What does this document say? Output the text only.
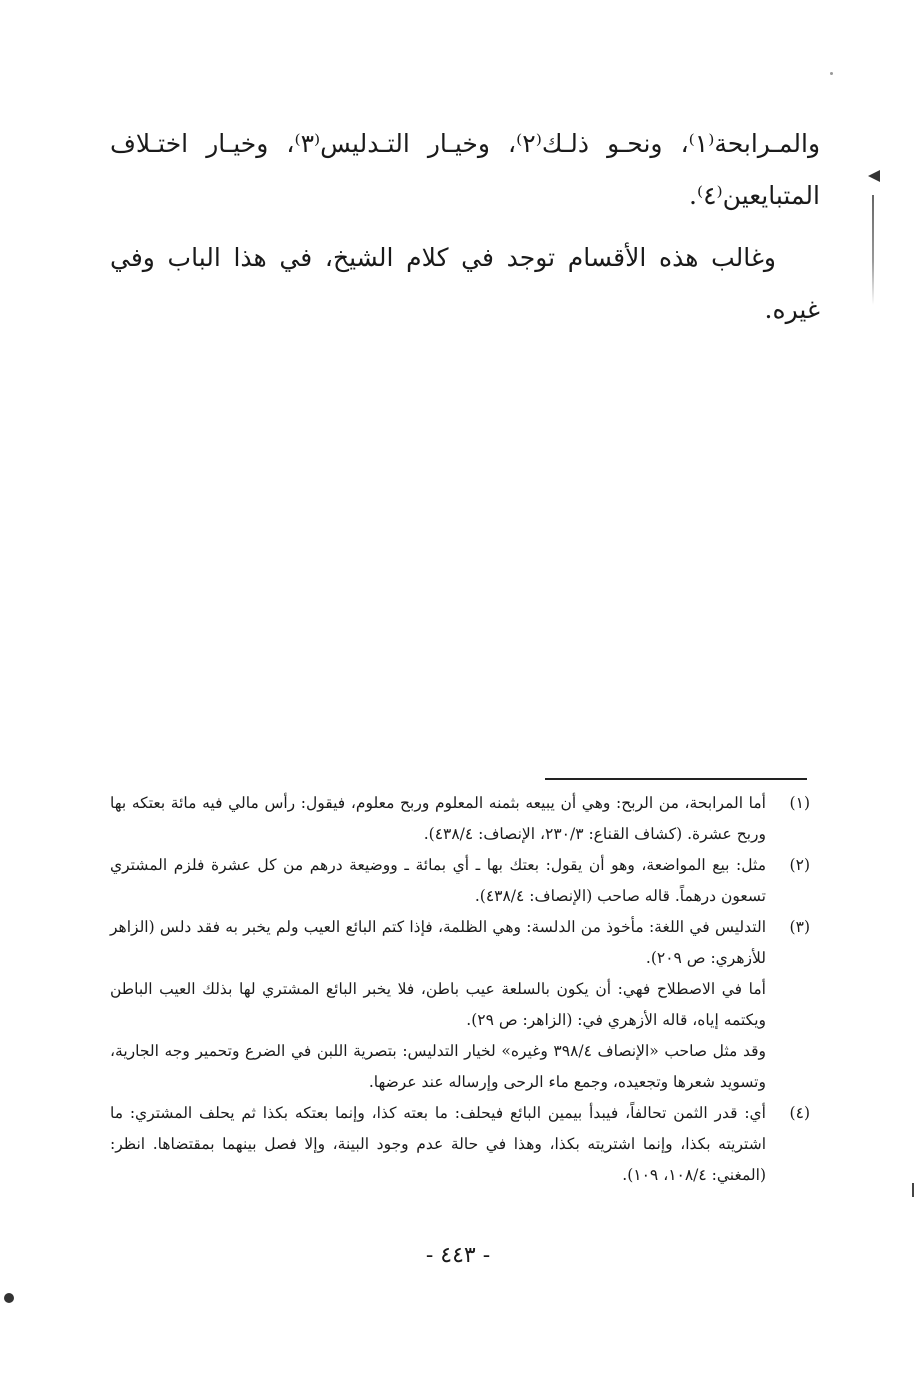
والمـرابحة⁽١⁾، ونحـو ذلـك⁽٢⁾، وخيـار التـدليس⁽٣⁾، وخيـار اختـلاف المتبايعين⁽٤⁾.

وغالب هذه الأقسام توجد في كلام الشيخ، في هذا الباب وفي غيره.

(١)

أما المرابحة، من الربح: وهي أن يبيعه بثمنه المعلوم وربح معلوم، فيقول: رأس مالي فيه مائة بعتكه بها وربح عشرة. (كشاف القناع: ٢٣٠/٣، الإنصاف: ٤٣٨/٤).

(٢)

مثل: بيع المواضعة، وهو أن يقول: بعتك بها ـ أي بمائة ـ ووضيعة درهم من كل عشرة فلزم المشتري تسعون درهماً. قاله صاحب (الإنصاف: ٤٣٨/٤).

(٣)

التدليس في اللغة: مأخوذ من الدلسة: وهي الظلمة، فإذا كتم البائع العيب ولم يخبر به فقد دلس (الزاهر للأزهري: ص ٢٠٩).

أما في الاصطلاح فهي: أن يكون بالسلعة عيب باطن، فلا يخبر البائع المشتري لها بذلك العيب الباطن ويكتمه إياه، قاله الأزهري في: (الزاهر: ص ٢٩).

وقد مثل صاحب «الإنصاف ٣٩٨/٤ وغيره» لخيار التدليس: بتصرية اللبن في الضرع وتحمير وجه الجارية، وتسويد شعرها وتجعيده، وجمع ماء الرحى وإرساله عند عرضها.

(٤)

أي: قدر الثمن تحالفاً، فيبدأ بيمين البائع فيحلف: ما بعته كذا، وإنما بعتكه بكذا ثم يحلف المشتري: ما اشتريته بكذا، وإنما اشتريته بكذا، وهذا في حالة عدم وجود البينة، وإلا فصل بينهما بمقتضاها. انظر: (المغني: ١٠٨/٤، ١٠٩).

- ٤٤٣ -
